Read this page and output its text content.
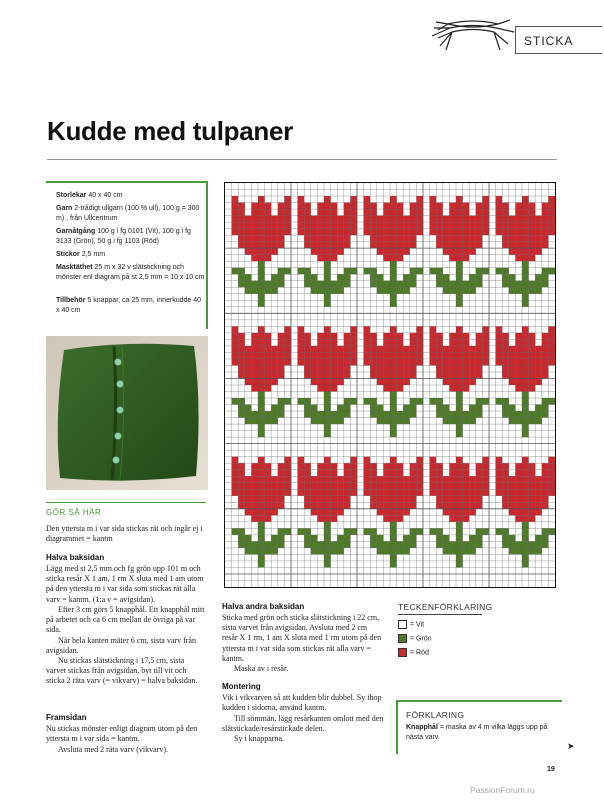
STICKA
Kudde med tulpaner
Storlekar 40 x 40 cm
Garn 2-trådigt ullgarn (100 % ull), 100 g = 300 m) , från Ullcentrum
Garnåtgång 100 g i fg 0101 (Vit), 100 g i fg 3133 (Grön), 50 g i fg 1103 (Röd)
Stickor 2,5 mm
Masktäthet 25 m x 32 v slätstickning och mönster enl diagram på st 2,5 mm = 10 x 10 cm
Tillbehör 5 knappar, ca 25 mm, innerkudde 40 x 40 cm
GÖR SÅ HÄR
Den yttersta m i var sida stickas rät och ingår ej i diagrammet = kantm
Halva baksidan
Lägg med st 2,5 mm och fg grön upp 101 m och sticka resår X 1 am, 1 rm X sluta med 1 am utom på den yttersta m i var sida som stickas rät alla varv = kantm. (1:a v = avigsidan).
Efter 3 cm görs 5 knapphål. Ett knapphål mitt på arbetet och ca 6 cm mellan de övriga på var sida.
När hela kanten mäter 6 cm, sista varv från avigsidan.
Nu stickas slätstickning i 17,5 cm, sista varvet stickas från avigsidan, byt till vit och sticka 2 räta varv (= vikvarv) = halva baksidan.
Framsidan
Nu stickas mönster enligt diagram utom på den yttersta m i var sida = kantm.
Avsluta med 2 räta varv (vikvarv).
Halva andra baksidan
Sticka med grön och sticka slätstickning i 22 cm, sista varvet från avigsidan. Avsluta med 2 cm resår X 1 rm, 1 am X sluta med 1 rm utom på den yttersta m i var sida som stickas rät alla varv = kantm.
Maska av i resår.
Montering
Vik i vikvarven så att kudden blir dubbel. Sy ihop kudden i sidorna, använd kantm.
Till sömmän, lägg resårkanten omlott med den slätstickade/resårstickade delen.
Sy i knapparna.
TECKENFÖRKLARING
= Vit
= Grön
= Röd
FÖRKLARING
Knapphål = maska av 4 m vilka läggs upp på nästa varv.
➤
19
PassionForum.ru
